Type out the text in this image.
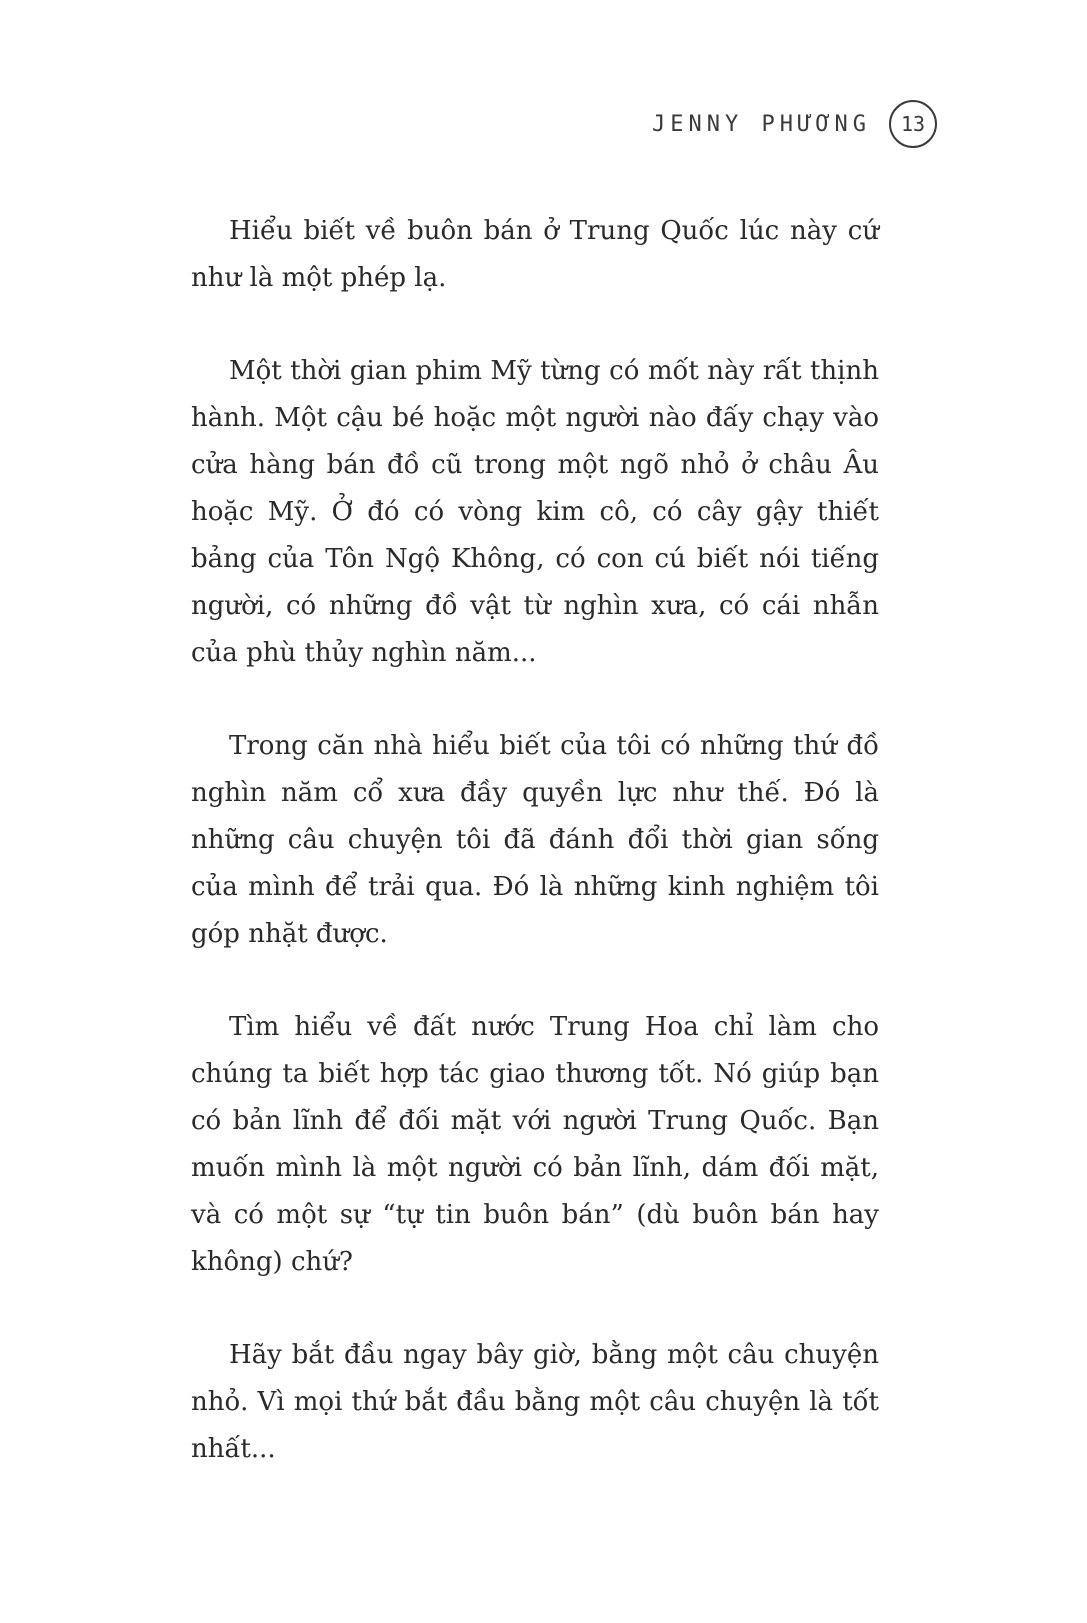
JENNY PHƯƠNG	13

Hiểu biết về buôn bán ở Trung Quốc lúc này cứ như là một phép lạ.

Một thời gian phim Mỹ từng có mốt này rất thịnh hành. Một cậu bé hoặc một người nào đấy chạy vào cửa hàng bán đồ cũ trong một ngõ nhỏ ở châu Âu hoặc Mỹ. Ở đó có vòng kim cô, có cây gậy thiết bảng của Tôn Ngộ Không, có con cú biết nói tiếng người, có những đồ vật từ nghìn xưa, có cái nhẫn của phù thủy nghìn năm...

Trong căn nhà hiểu biết của tôi có những thứ đồ nghìn năm cổ xưa đầy quyền lực như thế. Đó là những câu chuyện tôi đã đánh đổi thời gian sống của mình để trải qua. Đó là những kinh nghiệm tôi góp nhặt được.

Tìm hiểu về đất nước Trung Hoa chỉ làm cho chúng ta biết hợp tác giao thương tốt. Nó giúp bạn có bản lĩnh để đối mặt với người Trung Quốc. Bạn muốn mình là một người có bản lĩnh, dám đối mặt, và có một sự “tự tin buôn bán” (dù buôn bán hay không) chứ?

Hãy bắt đầu ngay bây giờ, bằng một câu chuyện nhỏ. Vì mọi thứ bắt đầu bằng một câu chuyện là tốt nhất...
